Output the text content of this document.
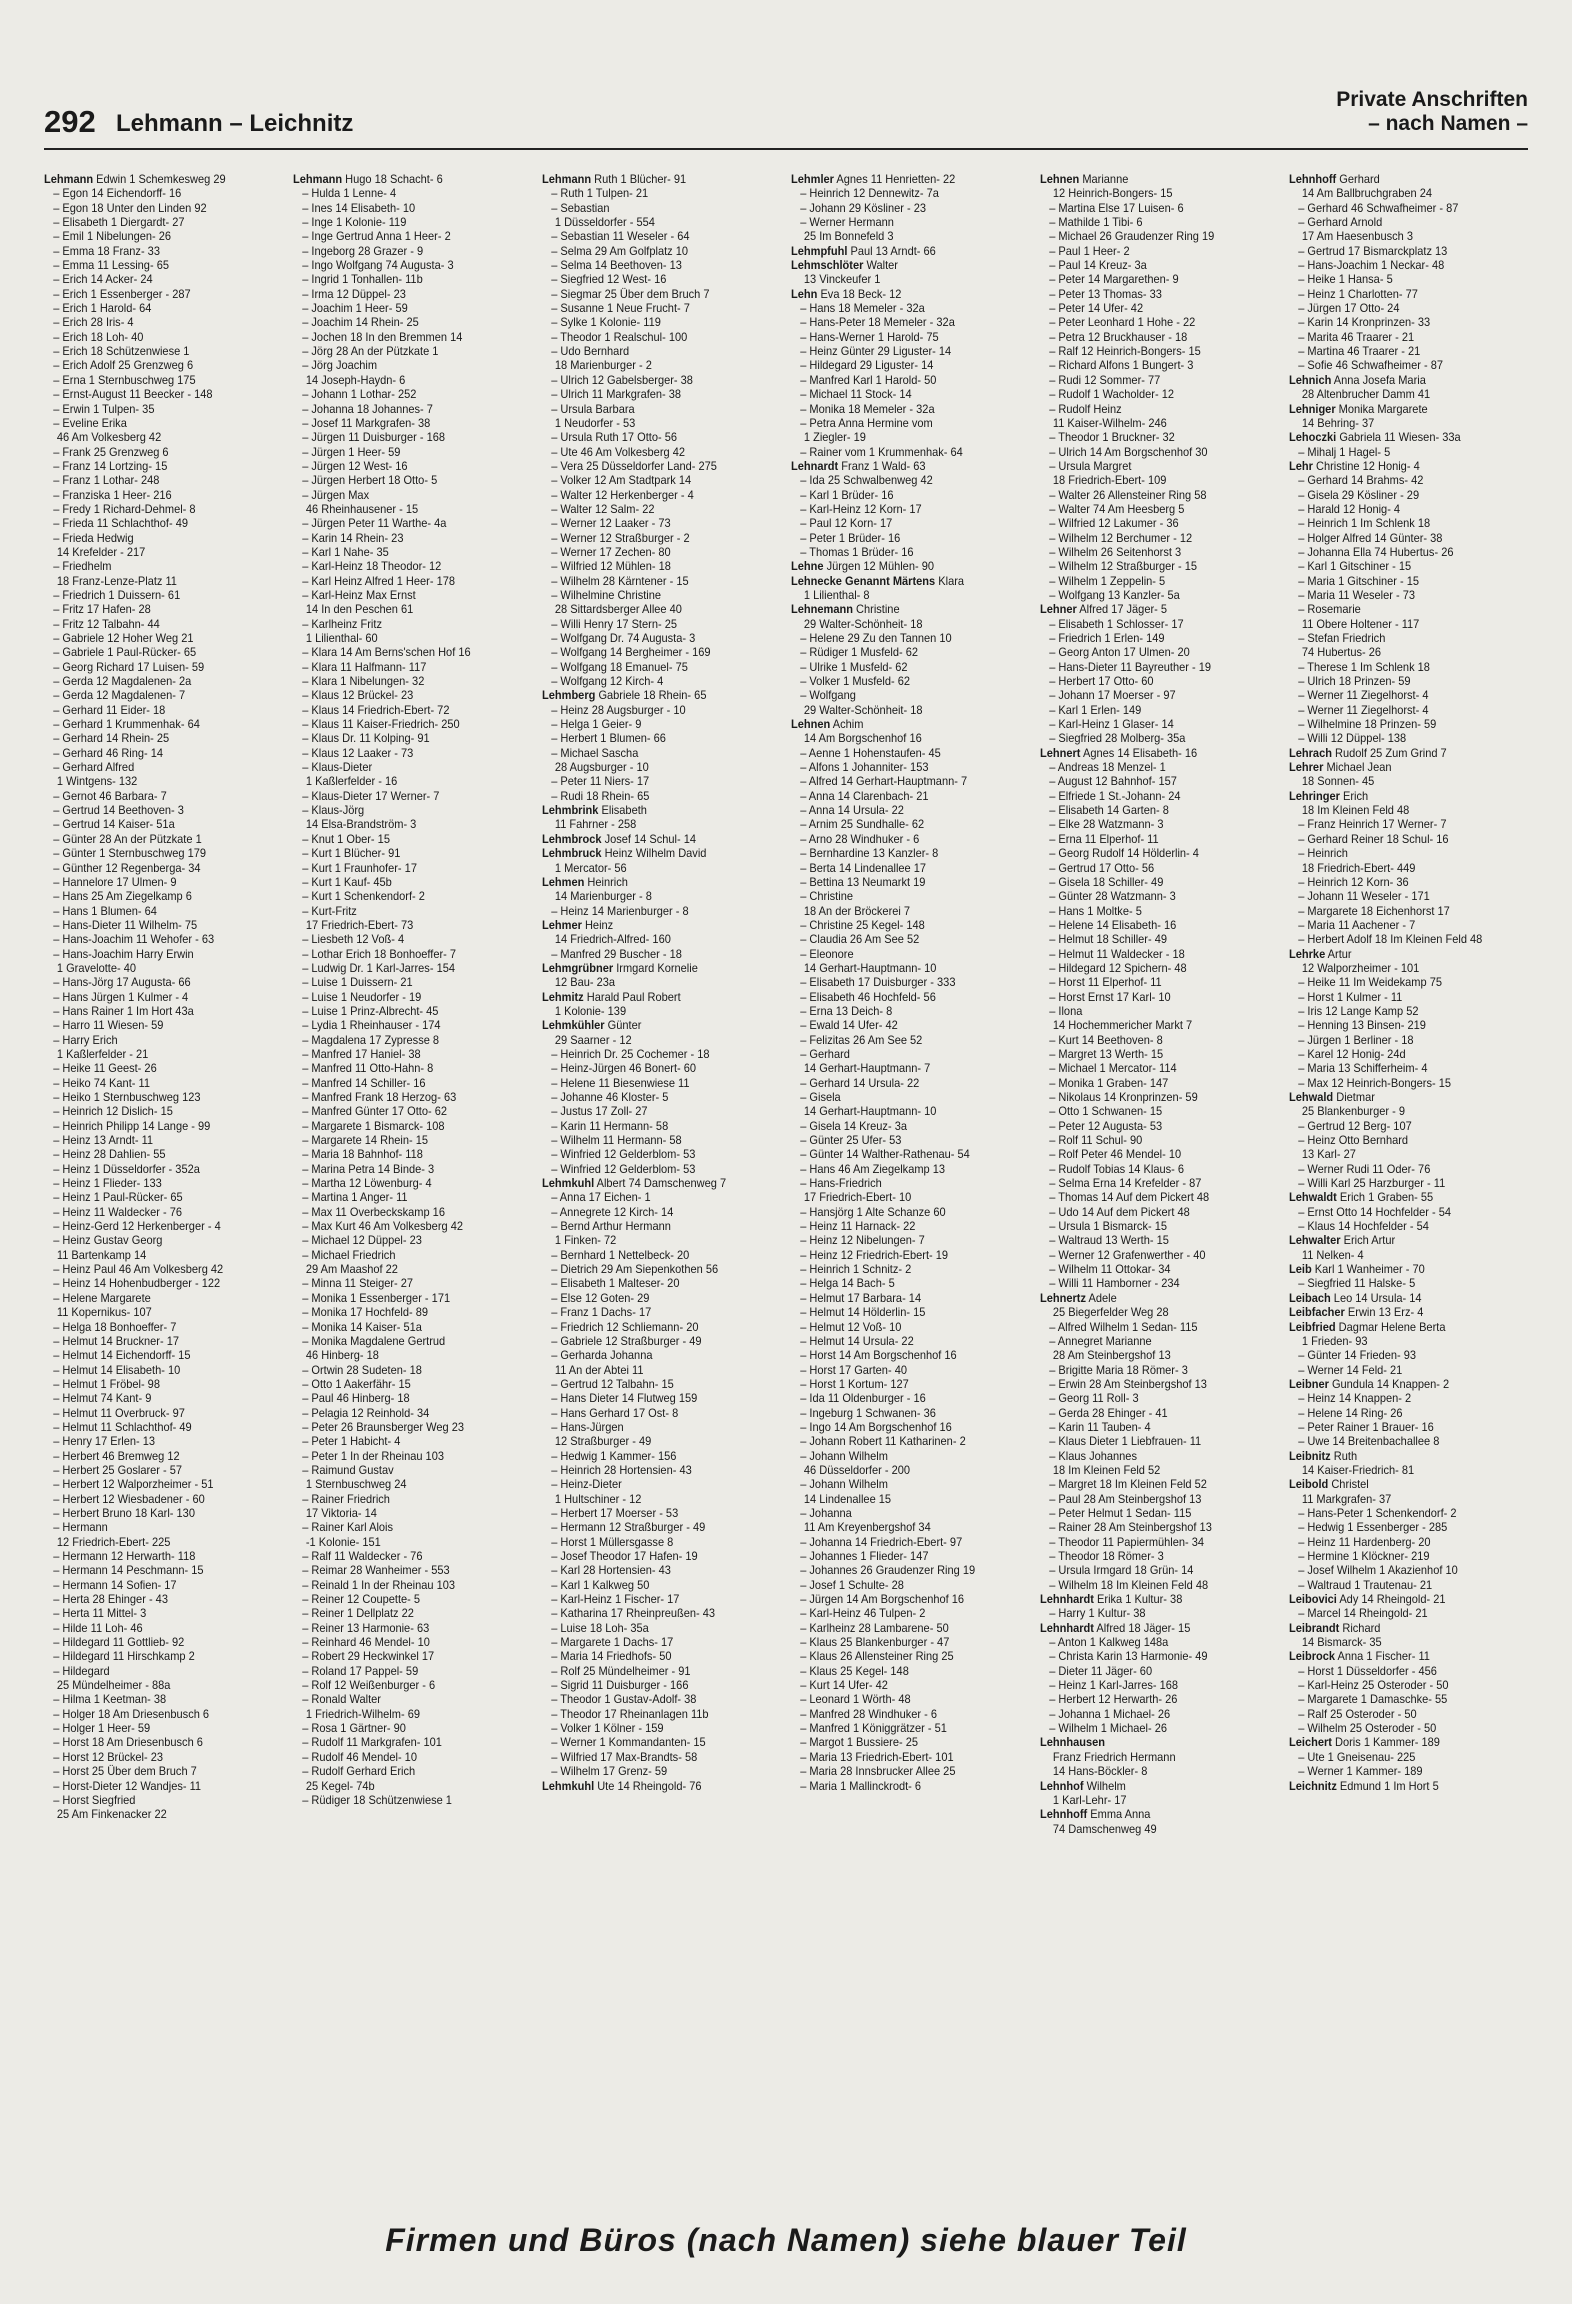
292 Lehmann – Leichnitz
Private Anschriften
– nach Namen –
Lehmann Edwin 1 Schemkesweg 29
– Egon 14 Eichendorff- 16
– Egon 18 Unter den Linden 92
– Elisabeth 1 Diergardt- 27
– Emil 1 Nibelungen- 26
– Emma 18 Franz- 33
– Emma 11 Lessing- 65
– Erich 14 Acker- 24
– Erich 1 Essenberger - 287
– Erich 1 Harold- 64
– Erich 28 Iris- 4
– Erich 18 Loh- 40
– Erich 18 Schützenwiese 1
– Erich Adolf 25 Grenzweg 6
– Erna 1 Sternbuschweg 175
– Ernst-August 11 Beecker - 148
– Erwin 1 Tulpen- 35
– Eveline Erika
46 Am Volkesberg 42
– Frank 25 Grenzweg 6
– Franz 14 Lortzing- 15
– Franz 1 Lothar- 248
– Franziska 1 Heer- 216
– Fredy 1 Richard-Dehmel- 8
– Frieda 11 Schlachthof- 49
– Frieda Hedwig
14 Krefelder - 217
– Friedhelm
18 Franz-Lenze-Platz 11
– Friedrich 1 Duissern- 61
– Fritz 17 Hafen- 28
– Fritz 12 Talbahn- 44
– Gabriele 12 Hoher Weg 21
– Gabriele 1 Paul-Rücker- 65
– Georg Richard 17 Luisen- 59
– Gerda 12 Magdalenen- 2a
– Gerda 12 Magdalenen- 7
– Gerhard 11 Eider- 18
– Gerhard 1 Krummenhak- 64
– Gerhard 14 Rhein- 25
– Gerhard 46 Ring- 14
– Gerhard Alfred
1 Wintgens- 132
– Gernot 46 Barbara- 7
– Gertrud 14 Beethoven- 3
– Gertrud 14 Kaiser- 51a
– Günter 28 An der Pützkate 1
– Günter 1 Sternbuschweg 179
– Günther 12 Regenberga- 34
– Hannelore 17 Ulmen- 9
– Hans 25 Am Ziegelkamp 6
– Hans 1 Blumen- 64
– Hans-Dieter 11 Wilhelm- 75
– Hans-Joachim 11 Wehofer - 63
– Hans-Joachim Harry Erwin
1 Gravelotte- 40
– Hans-Jörg 17 Augusta- 66
– Hans Jürgen 1 Kulmer - 4
– Hans Rainer 1 Im Hort 43a
– Harro 11 Wiesen- 59
– Harry Erich
1 Kaßlerfelder - 21
– Heike 11 Geest- 26
– Heiko 74 Kant- 11
– Heiko 1 Sternbuschweg 123
– Heinrich 12 Dislich- 15
– Heinrich Philipp 14 Lange - 99
– Heinz 13 Arndt- 11
– Heinz 28 Dahlien- 55
– Heinz 1 Düsseldorfer - 352a
– Heinz 1 Flieder- 133
– Heinz 1 Paul-Rücker- 65
– Heinz 11 Waldecker - 76
– Heinz-Gerd 12 Herkenberger - 4
– Heinz Gustav Georg
11 Bartenkamp 14
– Heinz Paul 46 Am Volkesberg 42
– Heinz 14 Hohenbudberger - 122
– Helene Margarete
11 Kopernikus- 107
– Helga 18 Bonhoeffer- 7
– Helmut 14 Bruckner- 17
– Helmut 14 Eichendorff- 15
– Helmut 14 Elisabeth- 10
– Helmut 1 Fröbel- 98
– Helmut 74 Kant- 9
– Helmut 11 Overbruck- 97
– Helmut 11 Schlachthof- 49
– Henry 17 Erlen- 13
– Herbert 46 Bremweg 12
– Herbert 25 Goslarer - 57
– Herbert 12 Walporzheimer - 51
– Herbert 12 Wiesbadener - 60
– Herbert Bruno 18 Karl- 130
– Hermann
12 Friedrich-Ebert- 225
– Hermann 12 Herwarth- 118
– Hermann 14 Peschmann- 15
– Hermann 14 Sofien- 17
– Herta 28 Ehinger - 43
– Herta 11 Mittel- 3
– Hilde 11 Loh- 46
– Hildegard 11 Gottlieb- 92
– Hildegard 11 Hirschkamp 2
– Hildegard
25 Mündelheimer - 88a
– Hilma 1 Keetman- 38
– Holger 18 Am Driesenbusch 6
– Holger 1 Heer- 59
– Horst 18 Am Driesenbusch 6
– Horst 12 Brückel- 23
– Horst 25 Über dem Bruch 7
– Horst-Dieter 12 Wandjes- 11
– Horst Siegfried
25 Am Finkenacker 22
Lehmann Hugo 18 Schacht- 6
– Hulda 1 Lenne- 4
– Ines 14 Elisabeth- 10
– Inge 1 Kolonie- 119
– Inge Gertrud Anna 1 Heer- 2
– Ingeborg 28 Grazer - 9
– Ingo Wolfgang 74 Augusta- 3
– Ingrid 1 Tonhallen- 11b
– Irma 12 Düppel- 23
– Joachim 1 Heer- 59
– Joachim 14 Rhein- 25
– Jochen 18 In den Bremmen 14
– Jörg 28 An der Pützkate 1
– Jörg Joachim
14 Joseph-Haydn- 6
– Johann 1 Lothar- 252
– Johanna 18 Johannes- 7
– Josef 11 Markgrafen- 38
– Jürgen 11 Duisburger - 168
– Jürgen 1 Heer- 59
– Jürgen 12 West- 16
– Jürgen Herbert 18 Otto- 5
– Jürgen Max
46 Rheinhausener - 15
– Jürgen Peter 11 Warthe- 4a
– Karin 14 Rhein- 23
– Karl 1 Nahe- 35
– Karl-Heinz 18 Theodor- 12
– Karl Heinz Alfred 1 Heer- 178
– Karl-Heinz Max Ernst
14 In den Peschen 61
– Karlheinz Fritz
1 Lilienthal- 60
– Klara 14 Am Berns'schen Hof 16
– Klara 11 Halfmann- 117
– Klara 1 Nibelungen- 32
– Klaus 12 Brückel- 23
– Klaus 14 Friedrich-Ebert- 72
– Klaus 11 Kaiser-Friedrich- 250
– Klaus Dr. 11 Kolping- 91
– Klaus 12 Laaker - 73
– Klaus-Dieter
1 Kaßlerfelder - 16
– Klaus-Dieter 17 Werner- 7
– Klaus-Jörg
14 Elsa-Brandström- 3
– Knut 1 Ober- 15
– Kurt 1 Blücher- 91
– Kurt 1 Fraunhofer- 17
– Kurt 1 Kauf- 45b
– Kurt 1 Schenkendorf- 2
– Kurt-Fritz
17 Friedrich-Ebert- 73
– Liesbeth 12 Voß- 4
– Lothar Erich 18 Bonhoeffer- 7
– Ludwig Dr. 1 Karl-Jarres- 154
– Luise 1 Duissern- 21
– Luise 1 Neudorfer - 19
– Luise 1 Prinz-Albrecht- 45
– Lydia 1 Rheinhauser - 174
– Magdalena 17 Zypresse 8
– Manfred 17 Haniel- 38
– Manfred 11 Otto-Hahn- 8
– Manfred 14 Schiller- 16
– Manfred Frank 18 Herzog- 63
– Manfred Günter 17 Otto- 62
– Margarete 1 Bismarck- 108
– Margarete 14 Rhein- 15
– Maria 18 Bahnhof- 118
– Marina Petra 14 Binde- 3
– Martha 12 Löwenburg- 4
– Martina 1 Anger- 11
– Max 11 Overbeckskamp 16
– Max Kurt 46 Am Volkesberg 42
– Michael 12 Düppel- 23
– Michael Friedrich
29 Am Maashof 22
– Minna 11 Steiger- 27
– Monika 1 Essenberger - 171
– Monika 17 Hochfeld- 89
– Monika 14 Kaiser- 51a
– Monika Magdalene Gertrud
46 Hinberg- 18
– Ortwin 28 Sudeten- 18
– Otto 1 Aakerfähr- 15
– Paul 46 Hinberg- 18
– Pelagia 12 Reinhold- 34
– Peter 26 Braunsberger Weg 23
– Peter 1 Habicht- 4
– Peter 1 In der Rheinau 103
– Raimund Gustav
1 Sternbuschweg 24
– Rainer Friedrich
17 Viktoria- 14
– Rainer Karl Alois
-1 Kolonie- 151
– Ralf 11 Waldecker - 76
– Reimar 28 Wanheimer - 553
– Reinald 1 In der Rheinau 103
– Reiner 12 Coupette- 5
– Reiner 1 Dellplatz 22
– Reiner 13 Harmonie- 63
– Reinhard 46 Mendel- 10
– Robert 29 Heckwinkel 17
– Roland 17 Pappel- 59
– Rolf 12 Weißenburger - 6
– Ronald Walter
1 Friedrich-Wilhelm- 69
– Rosa 1 Gärtner- 90
– Rudolf 11 Markgrafen- 101
– Rudolf 46 Mendel- 10
– Rudolf Gerhard Erich
25 Kegel- 74b
– Rüdiger 18 Schützenwiese 1
Lehmann Ruth 1 Blücher- 91
– Ruth 1 Tulpen- 21
– Sebastian
1 Düsseldorfer - 554
– Sebastian 11 Weseler - 64
– Selma 29 Am Golfplatz 10
– Selma 14 Beethoven- 13
– Siegfried 12 West- 16
– Siegmar 25 Über dem Bruch 7
– Susanne 1 Neue Frucht- 7
– Sylke 1 Kolonie- 119
– Theodor 1 Realschul- 100
– Udo Bernhard
18 Marienburger - 2
– Ulrich 12 Gabelsberger- 38
– Ulrich 11 Markgrafen- 38
– Ursula Barbara
1 Neudorfer - 53
– Ursula Ruth 17 Otto- 56
– Ute 46 Am Volkesberg 42
– Vera 25 Düsseldorfer Land- 275
– Volker 12 Am Stadtpark 14
– Walter 12 Herkenberger - 4
– Walter 12 Salm- 22
– Werner 12 Laaker - 73
– Werner 12 Straßburger - 2
– Werner 17 Zechen- 80
– Wilfried 12 Mühlen- 18
– Wilhelm 28 Kärntener - 15
– Wilhelmine Christine
28 Sittardsberger Allee 40
– Willi Henry 17 Stern- 25
– Wolfgang Dr. 74 Augusta- 3
– Wolfgang 14 Bergheimer - 169
– Wolfgang 18 Emanuel- 75
– Wolfgang 12 Kirch- 4
Lehmberg Gabriele 18 Rhein- 65
– Heinz 28 Augsburger - 10
– Helga 1 Geier- 9
– Herbert 1 Blumen- 66
– Michael Sascha
28 Augsburger - 10
– Peter 11 Niers- 17
– Rudi 18 Rhein- 65
Lehmbrink Elisabeth
11 Fahrner - 258
Lehmbrock Josef 14 Schul- 14
Lehmbruck Heinz Wilhelm David
1 Mercator- 56
Lehmen Heinrich
14 Marienburger - 8
– Heinz 14 Marienburger - 8
Lehmer Heinz
14 Friedrich-Alfred- 160
– Manfred 29 Buscher - 18
Lehmgrübner Irmgard Kornelie
12 Bau- 23a
Lehmitz Harald Paul Robert
1 Kolonie- 139
Lehmkühler Günter
29 Saarner - 12
– Heinrich Dr. 25 Cochemer - 18
– Heinz-Jürgen 46 Bonert- 60
– Helene 11 Biesenwiese 11
– Johanne 46 Kloster- 5
– Justus 17 Zoll- 27
– Karin 11 Hermann- 58
– Wilhelm 11 Hermann- 58
– Winfried 12 Gelderblom- 53
– Winfried 12 Gelderblom- 53
Lehmkuhl Albert 74 Damschenweg 7
– Anna 17 Eichen- 1
– Annegrete 12 Kirch- 14
– Bernd Arthur Hermann
1 Finken- 72
– Bernhard 1 Nettelbeck- 20
– Dietrich 29 Am Siepenkothen 56
– Elisabeth 1 Malteser- 20
– Else 12 Goten- 29
– Franz 1 Dachs- 17
– Friedrich 12 Schliemann- 20
– Gabriele 12 Straßburger - 49
– Gerharda Johanna
11 An der Abtei 11
– Gertrud 12 Talbahn- 15
– Hans Dieter 14 Flutweg 159
– Hans Gerhard 17 Ost- 8
– Hans-Jürgen
12 Straßburger - 49
– Hedwig 1 Kammer- 156
– Heinrich 28 Hortensien- 43
– Heinz-Dieter
1 Hultschiner - 12
– Herbert 17 Moerser - 53
– Hermann 12 Straßburger - 49
– Horst 1 Müllersgasse 8
– Josef Theodor 17 Hafen- 19
– Karl 28 Hortensien- 43
– Karl 1 Kalkweg 50
– Karl-Heinz 1 Fischer- 17
– Katharina 17 Rheinpreußen- 43
– Luise 18 Loh- 35a
– Margarete 1 Dachs- 17
– Maria 14 Friedhofs- 50
– Rolf 25 Mündelheimer - 91
– Sigrid 11 Duisburger - 166
– Theodor 1 Gustav-Adolf- 38
– Theodor 17 Rheinanlagen 11b
– Volker 1 Kölner - 159
– Werner 1 Kommandanten- 15
– Wilfried 17 Max-Brandts- 58
– Wilhelm 17 Grenz- 59
Lehmkuhl Ute 14 Rheingold- 76
Lehmler Agnes 11 Henrietten- 22
– Heinrich 12 Dennewitz- 7a
– Johann 29 Kösliner - 23
– Werner Hermann
25 Im Bonnefeld 3
Lehmpfuhl Paul 13 Arndt- 66
Lehmschlöter Walter
13 Vinckeufer 1
Lehn Eva 18 Beck- 12
– Hans 18 Memeler - 32a
– Hans-Peter 18 Memeler - 32a
– Hans-Werner 1 Harold- 75
– Heinz Günter 29 Liguster- 14
– Hildegard 29 Liguster- 14
– Manfred Karl 1 Harold- 50
– Michael 11 Stock- 14
– Monika 18 Memeler - 32a
– Petra Anna Hermine vom
1 Ziegler- 19
– Rainer vom 1 Krummenhak- 64
Lehnardt Franz 1 Wald- 63
– Ida 25 Schwalbenweg 42
– Karl 1 Brüder- 16
– Karl-Heinz 12 Korn- 17
– Paul 12 Korn- 17
– Peter 1 Brüder- 16
– Thomas 1 Brüder- 16
Lehne Jürgen 12 Mühlen- 90
Lehnecke Genannt Märtens Klara
1 Lilienthal- 8
Lehnemann Christine
29 Walter-Schönheit- 18
– Helene 29 Zu den Tannen 10
– Rüdiger 1 Musfeld- 62
– Ulrike 1 Musfeld- 62
– Volker 1 Musfeld- 62
– Wolfgang
29 Walter-Schönheit- 18
Lehnen Achim
14 Am Borgschenhof 16
– Aenne 1 Hohenstaufen- 45
– Alfons 1 Johanniter- 153
– Alfred 14 Gerhart-Hauptmann- 7
– Anna 14 Clarenbach- 21
– Anna 14 Ursula- 22
– Arnim 25 Sundhalle- 62
– Arno 28 Windhuker - 6
– Bernhardine 13 Kanzler- 8
– Berta 14 Lindenallee 17
– Bettina 13 Neumarkt 19
– Christine
18 An der Bröckerei 7
– Christine 25 Kegel- 148
– Claudia 26 Am See 52
– Eleonore
14 Gerhart-Hauptmann- 10
– Elisabeth 17 Duisburger - 333
– Elisabeth 46 Hochfeld- 56
– Erna 13 Deich- 8
– Ewald 14 Ufer- 42
– Felizitas 26 Am See 52
– Gerhard
14 Gerhart-Hauptmann- 7
– Gerhard 14 Ursula- 22
– Gisela
14 Gerhart-Hauptmann- 10
– Gisela 14 Kreuz- 3a
– Günter 25 Ufer- 53
– Günter 14 Walther-Rathenau- 54
– Hans 46 Am Ziegelkamp 13
– Hans-Friedrich
17 Friedrich-Ebert- 10
– Hansjörg 1 Alte Schanze 60
– Heinz 11 Harnack- 22
– Heinz 12 Nibelungen- 7
– Heinz 12 Friedrich-Ebert- 19
– Heinrich 1 Schnitz- 2
– Helga 14 Bach- 5
– Helmut 17 Barbara- 14
– Helmut 14 Hölderlin- 15
– Helmut 12 Voß- 10
– Helmut 14 Ursula- 22
– Horst 14 Am Borgschenhof 16
– Horst 17 Garten- 40
– Horst 1 Kortum- 127
– Ida 11 Oldenburger - 16
– Ingeburg 1 Schwanen- 36
– Ingo 14 Am Borgschenhof 16
– Johann Robert 11 Katharinen- 2
– Johann Wilhelm
46 Düsseldorfer - 200
– Johann Wilhelm
14 Lindenallee 15
– Johanna
11 Am Kreyenbergshof 34
– Johanna 14 Friedrich-Ebert- 97
– Johannes 1 Flieder- 147
– Johannes 26 Graudenzer Ring 19
– Josef 1 Schulte- 28
– Jürgen 14 Am Borgschenhof 16
– Karl-Heinz 46 Tulpen- 2
– Karlheinz 28 Lambarene- 50
– Klaus 25 Blankenburger - 47
– Klaus 26 Allensteiner Ring 25
– Klaus 25 Kegel- 148
– Kurt 14 Ufer- 42
– Leonard 1 Wörth- 48
– Manfred 28 Windhuker - 6
– Manfred 1 Königgrätzer - 51
– Margot 1 Bussiere- 25
– Maria 13 Friedrich-Ebert- 101
– Maria 28 Innsbrucker Allee 25
– Maria 1 Mallinckrodt- 6
Lehnen Marianne
12 Heinrich-Bongers- 15
– Martina Else 17 Luisen- 6
– Mathilde 1 Tibi- 6
– Michael 26 Graudenzer Ring 19
– Paul 1 Heer- 2
– Paul 14 Kreuz- 3a
– Peter 14 Margarethen- 9
– Peter 13 Thomas- 33
– Peter 14 Ufer- 42
– Peter Leonhard 1 Hohe - 22
– Petra 12 Bruckhauser - 18
– Ralf 12 Heinrich-Bongers- 15
– Richard Alfons 1 Bungert- 3
– Rudi 12 Sommer- 77
– Rudolf 1 Wacholder- 12
– Rudolf Heinz
11 Kaiser-Wilhelm- 246
– Theodor 1 Bruckner- 32
– Ulrich 14 Am Borgschenhof 30
– Ursula Margret
18 Friedrich-Ebert- 109
– Walter 26 Allensteiner Ring 58
– Walter 74 Am Heesberg 5
– Wilfried 12 Lakumer - 36
– Wilhelm 12 Berchumer - 12
– Wilhelm 26 Seitenhorst 3
– Wilhelm 12 Straßburger - 15
– Wilhelm 1 Zeppelin- 5
– Wolfgang 13 Kanzler- 5a
Lehner Alfred 17 Jäger- 5
– Elisabeth 1 Schlosser- 17
– Friedrich 1 Erlen- 149
– Georg Anton 17 Ulmen- 20
– Hans-Dieter 11 Bayreuther - 19
– Herbert 17 Otto- 60
– Johann 17 Moerser - 97
– Karl 1 Erlen- 149
– Karl-Heinz 1 Glaser- 14
– Siegfried 28 Molberg- 35a
Lehnert Agnes 14 Elisabeth- 16
– Andreas 18 Menzel- 1
– August 12 Bahnhof- 157
– Elfriede 1 St.-Johann- 24
– Elisabeth 14 Garten- 8
– Elke 28 Watzmann- 3
– Erna 11 Elperhof- 11
– Georg Rudolf 14 Hölderlin- 4
– Gertrud 17 Otto- 56
– Gisela 18 Schiller- 49
– Günter 28 Watzmann- 3
– Hans 1 Moltke- 5
– Helene 14 Elisabeth- 16
– Helmut 18 Schiller- 49
– Helmut 11 Waldecker - 18
– Hildegard 12 Spichern- 48
– Horst 11 Elperhof- 11
– Horst Ernst 17 Karl- 10
– Ilona
14 Hochemmericher Markt 7
– Kurt 14 Beethoven- 8
– Margret 13 Werth- 15
– Michael 1 Mercator- 114
– Monika 1 Graben- 147
– Nikolaus 14 Kronprinzen- 59
– Otto 1 Schwanen- 15
– Peter 12 Augusta- 53
– Rolf 11 Schul- 90
– Rolf Peter 46 Mendel- 10
– Rudolf Tobias 14 Klaus- 6
– Selma Erna 14 Krefelder - 87
– Thomas 14 Auf dem Pickert 48
– Udo 14 Auf dem Pickert 48
– Ursula 1 Bismarck- 15
– Waltraud 13 Werth- 15
– Werner 12 Grafenwerther - 40
– Wilhelm 11 Ottokar- 34
– Willi 11 Hamborner - 234
Lehnertz Adele
25 Biegerfelder Weg 28
– Alfred Wilhelm 1 Sedan- 115
– Annegret Marianne
28 Am Steinbergshof 13
– Brigitte Maria 18 Römer- 3
– Erwin 28 Am Steinbergshof 13
– Georg 11 Roll- 3
– Gerda 28 Ehinger - 41
– Karin 11 Tauben- 4
– Klaus Dieter 1 Liebfrauen- 11
– Klaus Johannes
18 Im Kleinen Feld 52
– Margret 18 Im Kleinen Feld 52
– Paul 28 Am Steinbergshof 13
– Peter Helmut 1 Sedan- 115
– Rainer 28 Am Steinbergshof 13
– Theodor 11 Papiermühlen- 34
– Theodor 18 Römer- 3
– Ursula Irmgard 18 Grün- 14
– Wilhelm 18 Im Kleinen Feld 48
Lehnhardt Erika 1 Kultur- 38
– Harry 1 Kultur- 38
Lehnhardt Alfred 18 Jäger- 15
– Anton 1 Kalkweg 148a
– Christa Karin 13 Harmonie- 49
– Dieter 11 Jäger- 60
– Heinz 1 Karl-Jarres- 168
– Herbert 12 Herwarth- 26
– Johanna 1 Michael- 26
– Wilhelm 1 Michael- 26
Lehnhausen
Franz Friedrich Hermann
14 Hans-Böckler- 8
Lehnhof Wilhelm
1 Karl-Lehr- 17
Lehnhoff Emma Anna
74 Damschenweg 49
Lehnhoff Gerhard
14 Am Ballbruchgraben 24
– Gerhard 46 Schwafheimer - 87
– Gerhard Arnold
17 Am Haesenbusch 3
– Gertrud 17 Bismarckplatz 13
– Hans-Joachim 1 Neckar- 48
– Heike 1 Hansa- 5
– Heinz 1 Charlotten- 77
– Jürgen 17 Otto- 24
– Karin 14 Kronprinzen- 33
– Marita 46 Traarer - 21
– Martina 46 Traarer - 21
– Sofie 46 Schwafheimer - 87
Lehnich Anna Josefa Maria
28 Altenbrucher Damm 41
Lehniger Monika Margarete
14 Behring- 37
Lehoczki Gabriela 11 Wiesen- 33a
– Mihalj 1 Hagel- 5
Lehr Christine 12 Honig- 4
– Gerhard 14 Brahms- 42
– Gisela 29 Kösliner - 29
– Harald 12 Honig- 4
– Heinrich 1 Im Schlenk 18
– Holger Alfred 14 Günter- 38
– Johanna Ella 74 Hubertus- 26
– Karl 1 Gitschiner - 15
– Maria 1 Gitschiner - 15
– Maria 11 Weseler - 73
– Rosemarie
11 Obere Holtener - 117
– Stefan Friedrich
74 Hubertus- 26
– Therese 1 Im Schlenk 18
– Ulrich 18 Prinzen- 59
– Werner 11 Ziegelhorst- 4
– Werner 11 Ziegelhorst- 4
– Wilhelmine 18 Prinzen- 59
– Willi 12 Düppel- 138
Lehrach Rudolf 25 Zum Grind 7
Lehrer Michael Jean
18 Sonnen- 45
Lehringer Erich
18 Im Kleinen Feld 48
– Franz Heinrich 17 Werner- 7
– Gerhard Reiner 18 Schul- 16
– Heinrich
18 Friedrich-Ebert- 449
– Heinrich 12 Korn- 36
– Johann 11 Weseler - 171
– Margarete 18 Eichenhorst 17
– Maria 11 Aachener - 7
– Herbert Adolf 18 Im Kleinen Feld 48
Lehrke Artur
12 Walporzheimer - 101
– Heike 11 Im Weidekamp 75
– Horst 1 Kulmer - 11
– Iris 12 Lange Kamp 52
– Henning 13 Binsen- 219
– Jürgen 1 Berliner - 18
– Karel 12 Honig- 24d
– Maria 13 Schifferheim- 4
– Max 12 Heinrich-Bongers- 15
Lehwald Dietmar
25 Blankenburger - 9
– Gertrud 12 Berg- 107
– Heinz Otto Bernhard
13 Karl- 27
– Werner Rudi 11 Oder- 76
– Willi Karl 25 Harzburger - 11
Lehwaldt Erich 1 Graben- 55
– Ernst Otto 14 Hochfelder - 54
– Klaus 14 Hochfelder - 54
Lehwalter Erich Artur
11 Nelken- 4
Leib Karl 1 Wanheimer - 70
– Siegfried 11 Halske- 5
Leibach Leo 14 Ursula- 14
Leibfacher Erwin 13 Erz- 4
Leibfried Dagmar Helene Berta
1 Frieden- 93
– Günter 14 Frieden- 93
– Werner 14 Feld- 21
Leibner Gundula 14 Knappen- 2
– Heinz 14 Knappen- 2
– Helene 14 Ring- 26
– Peter Rainer 1 Brauer- 16
– Uwe 14 Breitenbachallee 8
Leibnitz Ruth
14 Kaiser-Friedrich- 81
Leibold Christel
11 Markgrafen- 37
– Hans-Peter 1 Schenkendorf- 2
– Hedwig 1 Essenberger - 285
– Heinz 11 Hardenberg- 20
– Hermine 1 Klöckner- 219
– Josef Wilhelm 1 Akazienhof 10
– Waltraud 1 Trautenau- 21
Leibovici Ady 14 Rheingold- 21
– Marcel 14 Rheingold- 21
Leibrandt Richard
14 Bismarck- 35
Leibrock Anna 1 Fischer- 11
– Horst 1 Düsseldorfer - 456
– Karl-Heinz 25 Osteroder - 50
– Margarete 1 Damaschke- 55
– Ralf 25 Osteroder - 50
– Wilhelm 25 Osteroder - 50
Leichert Doris 1 Kammer- 189
– Ute 1 Gneisenau- 225
– Werner 1 Kammer- 189
Leichnitz Edmund 1 Im Hort 5
Firmen und Büros (nach Namen) siehe blauer Teil
